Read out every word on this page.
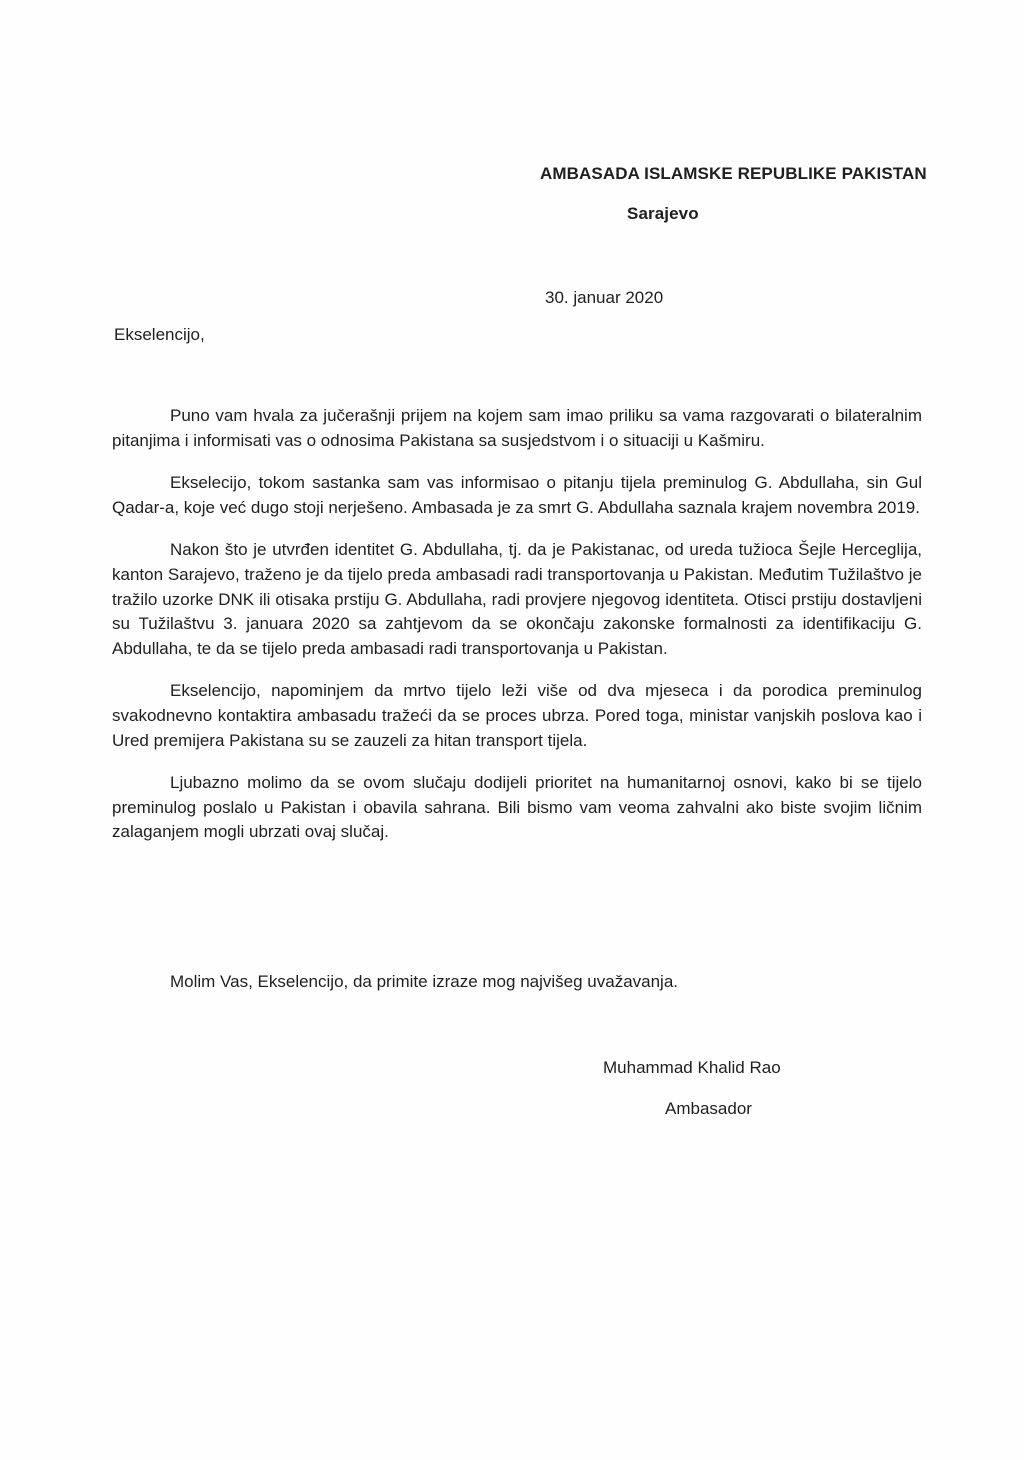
AMBASADA ISLAMSKE REPUBLIKE PAKISTAN
Sarajevo
30. januar 2020
Ekselencijo,

Puno vam hvala za jučerašnji prijem na kojem sam imao priliku sa vama razgovarati o bilateralnim pitanjima i informisati vas o odnosima Pakistana sa susjedstvom i o situaciji u Kašmiru.

Ekselecijo, tokom sastanka sam vas informisao o pitanju tijela preminulog G. Abdullaha, sin Gul Qadar-a, koje već dugo stoji nerješeno. Ambasada je za smrt G. Abdullaha saznala krajem novembra 2019.

Nakon što je utvrđen identitet G. Abdullaha, tj. da je Pakistanac, od ureda tužioca Šejle Herceglija, kanton Sarajevo, traženo je da tijelo preda ambasadi radi transportovanja u Pakistan. Međutim Tužilaštvo je tražilo uzorke DNK ili otisaka prstiju G. Abdullaha, radi provjere njegovog identiteta. Otisci prstiju dostavljeni su Tužilaštvu 3. januara 2020 sa zahtjevom da se okončaju zakonske formalnosti za identifikaciju G. Abdullaha, te da se tijelo preda ambasadi radi transportovanja u Pakistan.

Ekselencijo, napominjem da mrtvo tijelo leži više od dva mjeseca i da porodica preminulog svakodnevno kontaktira ambasadu tražeći da se proces ubrza. Pored toga, ministar vanjskih poslova kao i Ured premijera Pakistana su se zauzeli za hitan transport tijela.

Ljubazno molimo da se ovom slučaju dodijeli prioritet na humanitarnoj osnovi, kako bi se tijelo preminulog poslalo u Pakistan i obavila sahrana. Bili bismo vam veoma zahvalni ako biste svojim ličnim zalaganjem mogli ubrzati ovaj slučaj.

Molim Vas, Ekselencijo, da primite izraze mog najvišeg uvažavanja.
Muhammad Khalid Rao
Ambasador
